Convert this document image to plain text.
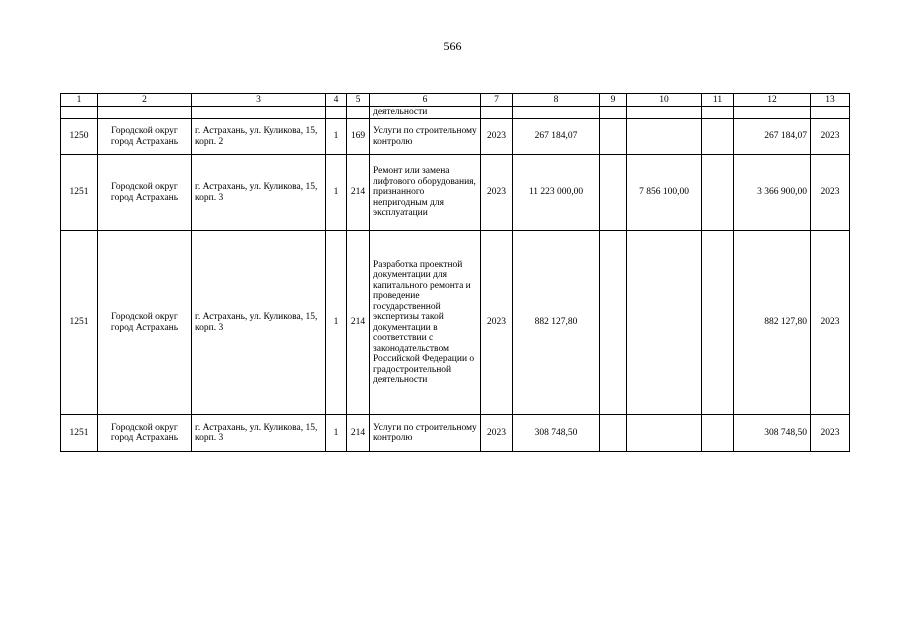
566
1	2	3	4	5	6	7	8	9	10	11	12	13
					деятельности							
1250	Городской округ город Астрахань	г. Астрахань, ул. Куликова, 15, корп. 2	1	169	Услуги по строительному контролю	2023	267 184,07				267 184,07	2023
1251	Городской округ город Астрахань	г. Астрахань, ул. Куликова, 15, корп. 3	1	214	Ремонт или замена лифтового оборудования, признанного непригодным для эксплуатации	2023	11 223 000,00		7 856 100,00		3 366 900,00	2023
1251	Городской округ город Астрахань	г. Астрахань, ул. Куликова, 15, корп. 3	1	214	Разработка проектной документации для капитального ремонта и проведение государственной экспертизы такой документации в соответствии с законодательством Российской Федерации о градостроительной деятельности	2023	882 127,80				882 127,80	2023
1251	Городской округ город Астрахань	г. Астрахань, ул. Куликова, 15, корп. 3	1	214	Услуги по строительному контролю	2023	308 748,50				308 748,50	2023
